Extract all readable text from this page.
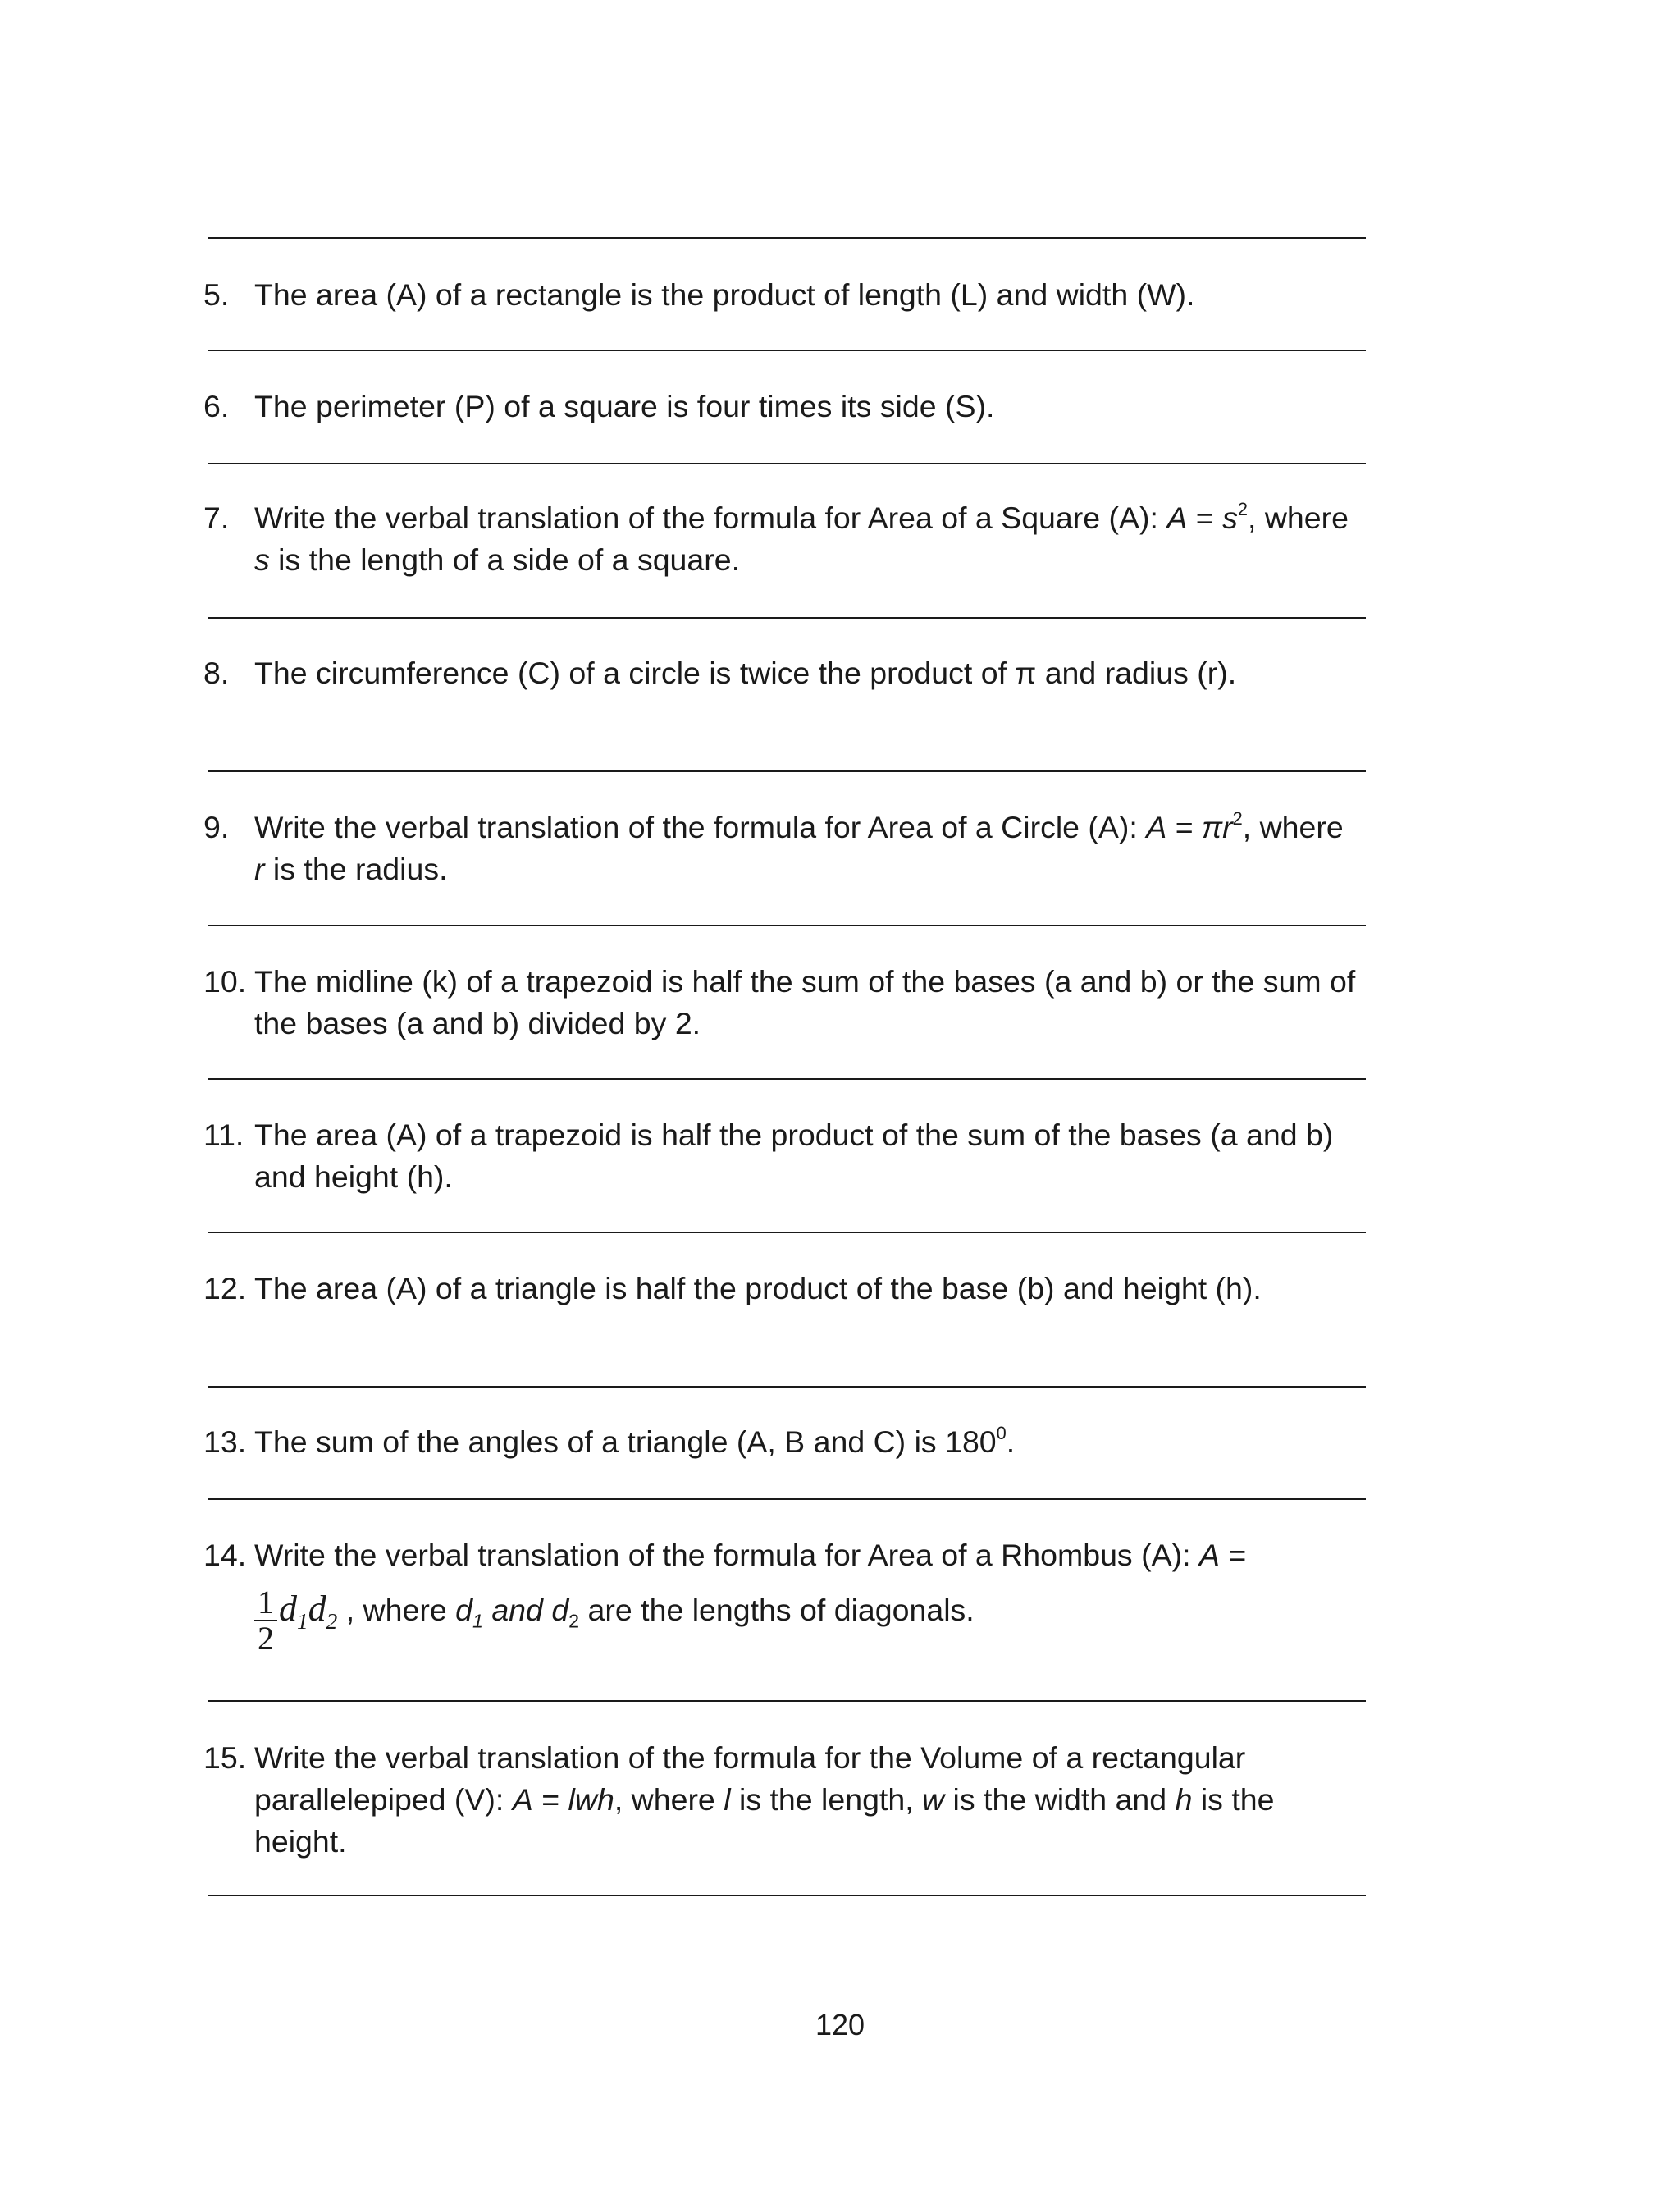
5. The area (A) of a rectangle is the product of length (L) and width (W).
6. The perimeter (P) of a square is four times its side (S).
7. Write the verbal translation of the formula for Area of a Square (A): $A = s^2$, where
s is the length of a side of a square.
8. The circumference (C) of a circle is twice the product of π and radius (r).
9. Write the verbal translation of the formula for Area of a Circle (A): $A = \pi r^2$, where
r is the radius.
10. The midline (k) of a trapezoid is half the sum of the bases (a and b) or the sum of
the bases (a and b) divided by 2.
11. The area (A) of a trapezoid is half the product of the sum of the bases (a and b)
and height (h).
12. The area (A) of a triangle is half the product of the base (b) and height (h).
13. The sum of the angles of a triangle (A, B and C) is $180^0$.
14. Write the verbal translation of the formula for Area of a Rhombus (A): A =
$\frac{1}{2} d_1d_2$ , where $d_1$ and $d_2$ are the lengths of diagonals.
15. Write the verbal translation of the formula for the Volume of a rectangular
parallelepiped (V): A = lwh, where l is the length, w is the width and h is the
height.
120
